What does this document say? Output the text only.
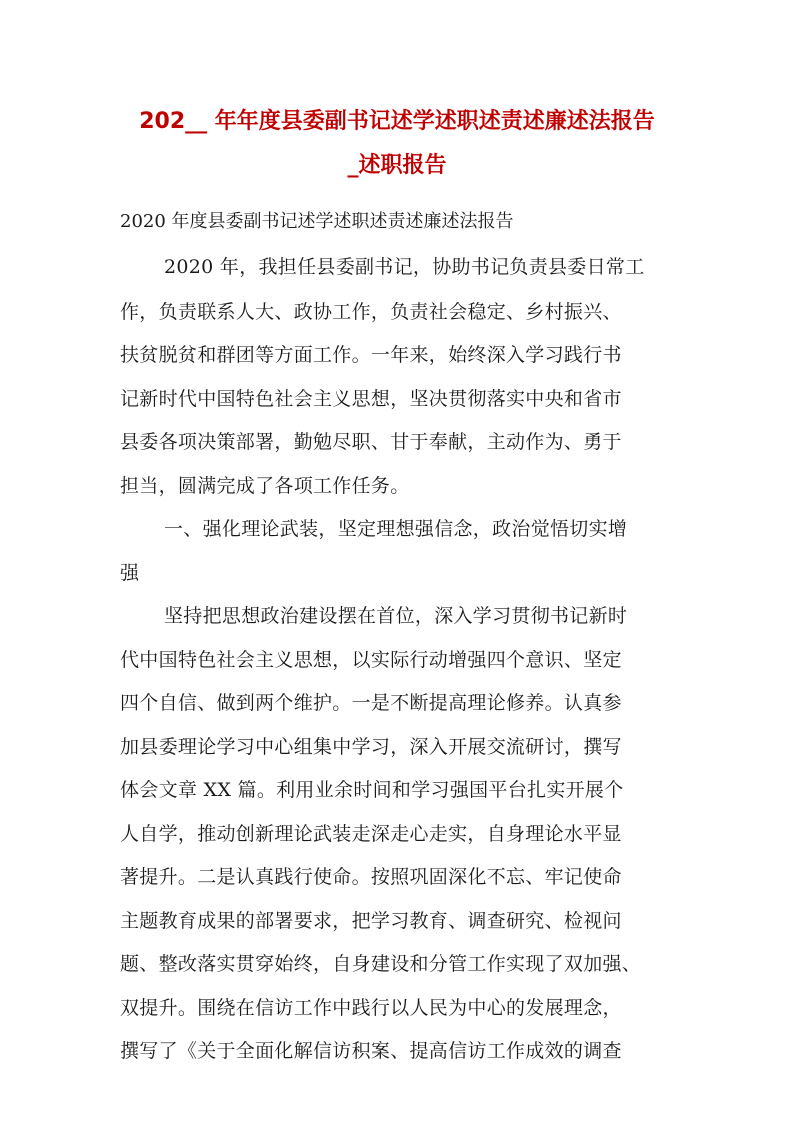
202__ 年年度县委副书记述学述职述责述廉述法报告
_述职报告
2020 年度县委副书记述学述职述责述廉述法报告
2020 年，我担任县委副书记，协助书记负责县委日常工
作，负责联系人大、政协工作，负责社会稳定、乡村振兴、
扶贫脱贫和群团等方面工作。一年来，始终深入学习践行书
记新时代中国特色社会主义思想，坚决贯彻落实中央和省市
县委各项决策部署，勤勉尽职、甘于奉献，主动作为、勇于
担当，圆满完成了各项工作任务。
一、强化理论武装，坚定理想强信念，政治觉悟切实增
强
坚持把思想政治建设摆在首位，深入学习贯彻书记新时
代中国特色社会主义思想，以实际行动增强四个意识、坚定
四个自信、做到两个维护。一是不断提高理论修养。认真参
加县委理论学习中心组集中学习，深入开展交流研讨，撰写
体会文章 XX 篇。利用业余时间和学习强国平台扎实开展个
人自学，推动创新理论武装走深走心走实，自身理论水平显
著提升。二是认真践行使命。按照巩固深化不忘、牢记使命
主题教育成果的部署要求，把学习教育、调查研究、检视问
题、整改落实贯穿始终，自身建设和分管工作实现了双加强、
双提升。围绕在信访工作中践行以人民为中心的发展理念，
撰写了《关于全面化解信访积案、提高信访工作成效的调查
